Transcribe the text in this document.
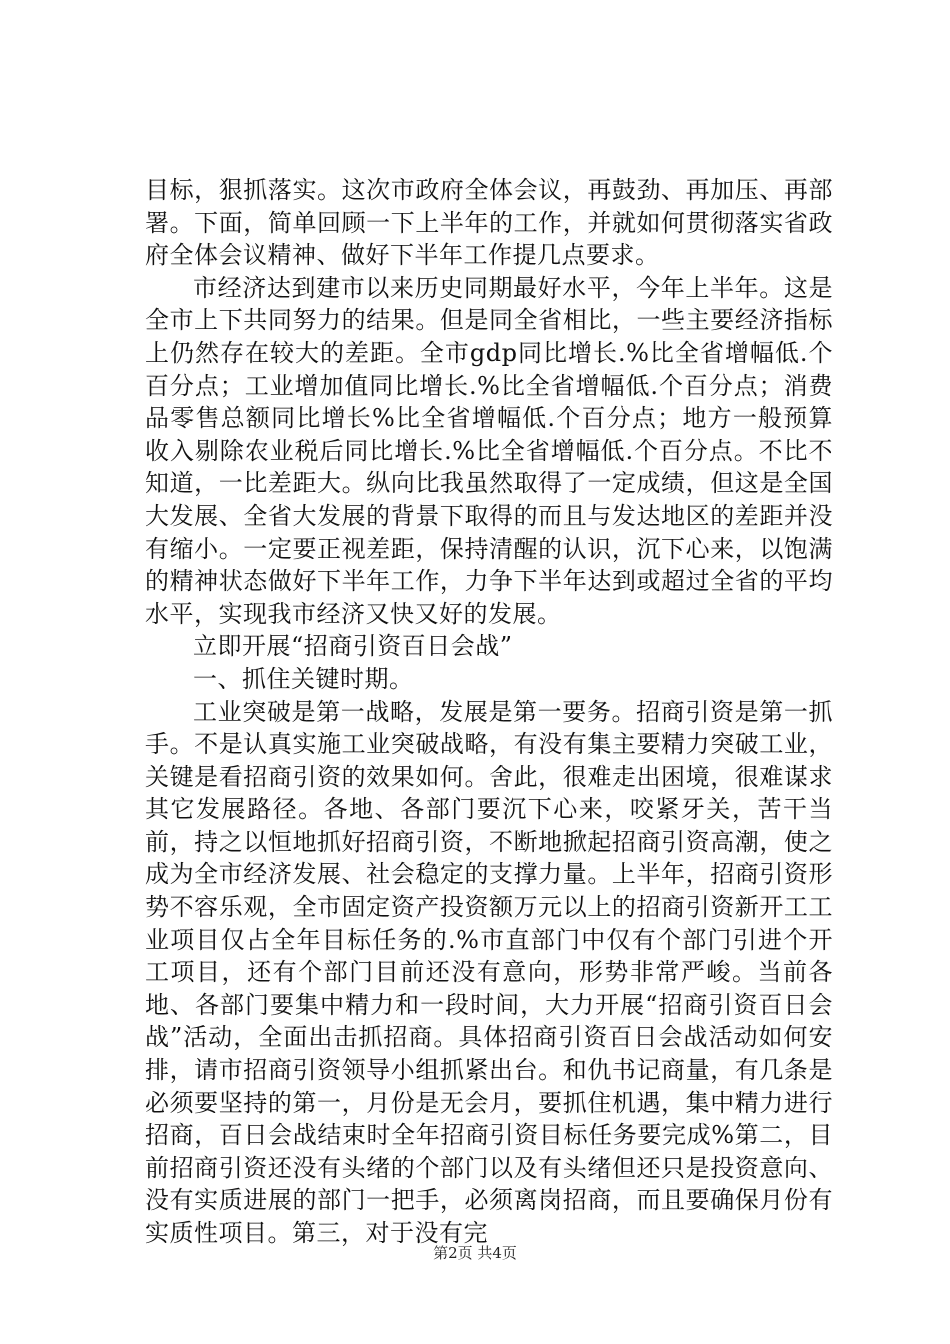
目标，狠抓落实。这次市政府全体会议，再鼓劲、再加压、再部署。下面，简单回顾一下上半年的工作，并就如何贯彻落实省政府全体会议精神、做好下半年工作提几点要求。

市经济达到建市以来历史同期最好水平，今年上半年。这是全市上下共同努力的结果。但是同全省相比，一些主要经济指标上仍然存在较大的差距。全市gdp同比增长.%比全省增幅低.个百分点；工业增加值同比增长.%比全省增幅低.个百分点；消费品零售总额同比增长%比全省增幅低.个百分点；地方一般预算收入剔除农业税后同比增长.%比全省增幅低.个百分点。不比不知道，一比差距大。纵向比我虽然取得了一定成绩，但这是全国大发展、全省大发展的背景下取得的而且与发达地区的差距并没有缩小。一定要正视差距，保持清醒的认识，沉下心来，以饱满的精神状态做好下半年工作，力争下半年达到或超过全省的平均水平，实现我市经济又快又好的发展。

立即开展“招商引资百日会战”

一、抓住关键时期。

工业突破是第一战略，发展是第一要务。招商引资是第一抓手。不是认真实施工业突破战略，有没有集主要精力突破工业，关键是看招商引资的效果如何。舍此，很难走出困境，很难谋求其它发展路径。各地、各部门要沉下心来，咬紧牙关，苦干当前，持之以恒地抓好招商引资，不断地掀起招商引资高潮，使之成为全市经济发展、社会稳定的支撑力量。上半年，招商引资形势不容乐观，全市固定资产投资额万元以上的招商引资新开工工业项目仅占全年目标任务的.%市直部门中仅有个部门引进个开工项目，还有个部门目前还没有意向，形势非常严峻。当前各地、各部门要集中精力和一段时间，大力开展“招商引资百日会战”活动，全面出击抓招商。具体招商引资百日会战活动如何安排，请市招商引资领导小组抓紧出台。和仇书记商量，有几条是必须要坚持的第一，月份是无会月，要抓住机遇，集中精力进行招商，百日会战结束时全年招商引资目标任务要完成%第二，目前招商引资还没有头绪的个部门以及有头绪但还只是投资意向、没有实质进展的部门一把手，必须离岗招商，而且要确保月份有实质性项目。第三，对于没有完

第2页 共4页
